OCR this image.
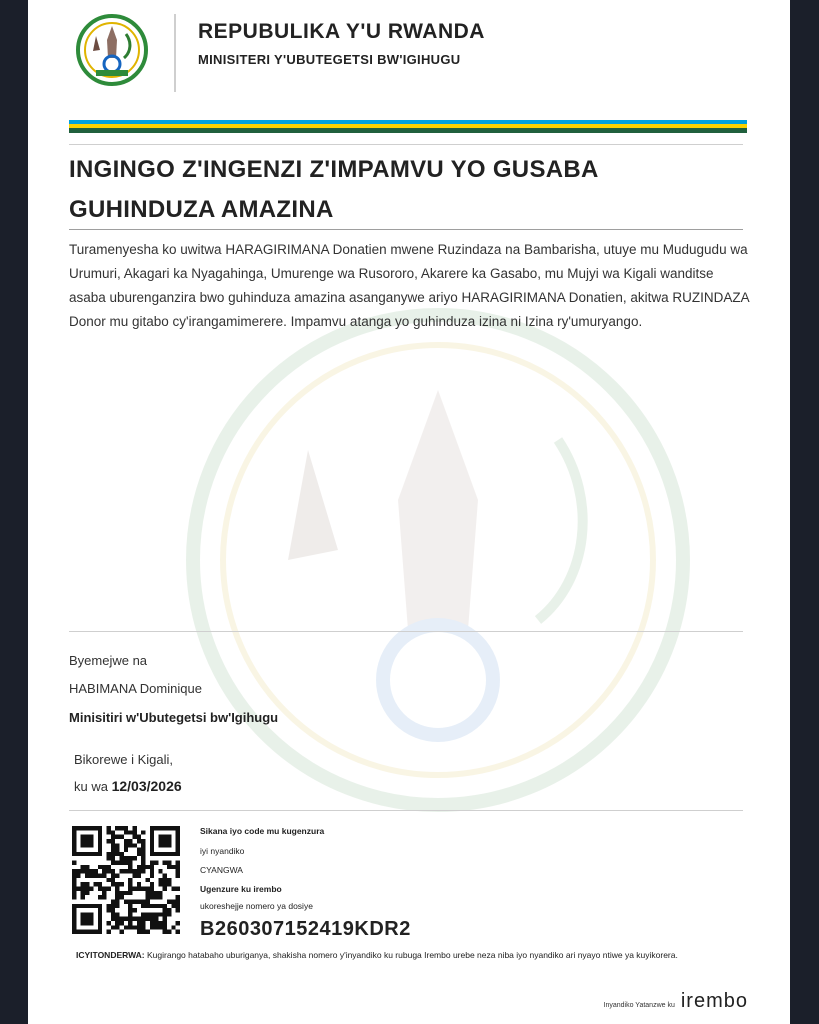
REPUBULIKA Y'U RWANDA
MINISITERI Y'UBUTEGETSI BW'IGIHUGU
INGINGO Z'INGENZI Z'IMPAMVU YO GUSABA
GUHINDUZA AMAZINA
Turamenyesha ko uwitwa HARAGIRIMANA Donatien mwene Ruzindaza na Bambarisha, utuye mu Mudugudu wa Urumuri, Akagari ka Nyagahinga, Umurenge wa Rusororo, Akarere ka Gasabo, mu Mujyi wa Kigali wanditse asaba uburenganzira bwo guhinduza amazina asanganywe ariyo HARAGIRIMANA Donatien, akitwa RUZINDAZA Donor mu gitabo cy'irangamimerere. Impamvu atanga yo guhinduza izina ni Izina ry'umuryango.
Byemejwe na
HABIMANA Dominique
Minisitiri w'Ubutegetsi bw'Igihugu
Bikorewe i Kigali,
ku wa 12/03/2026
Sikana iyo code mu kugenzura
iyi nyandiko
CYANGWA
Ugenzure ku irembo
ukoreshejje nomero ya dosiye
B260307152419KDR2
ICYITONDERWA: Kugirango hatabaho uburiganya, shakisha nomero y'inyandiko ku rubuga Irembo urebe neza niba iyo nyandiko ari nyayo ntiwe ya kuyikorera.
Inyandiko Yatanzwe ku irembo
